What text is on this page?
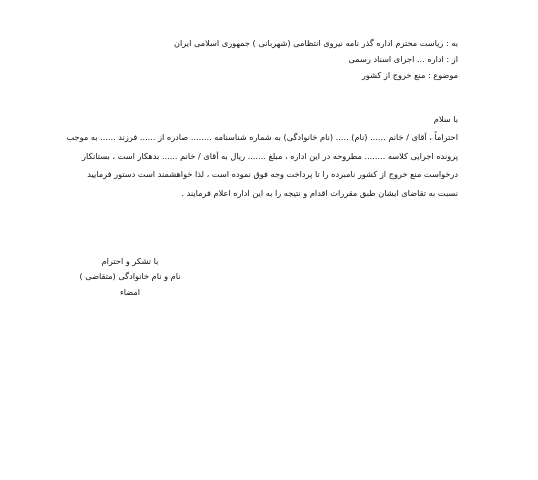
به : ریاست محترم اداره گذر نامه نیروی انتظامی (شهربانی ) جمهوری اسلامی ایران
از : اداره ... اجرای اسناد رسمی
موضوع : منع خروج از کشور
با سلام
احتراماً ، آقای / خانم ...... (نام) ..... (نام خانوادگی) به شماره شناسنامه ........ صادره از ...... فرزند ...... به موجب
پرونده اجرایی کلاسه ........ مطروحه در این اداره ، مبلغ ....... ریال به آقای / خانم ...... بدهکار است ، بستانکار
درخواست منع خروج از کشور نامبرده را تا پرداخت وجه فوق نموده است ، لذا خواهشمند است دستور فرمایید
نسبت به تقاضای ایشان طبق مقررات اقدام و نتیجه را به این اداره اعلام فرمایند .
با تشکر و احترام
نام و نام خانوادگی (متقاضی )
امضاء
